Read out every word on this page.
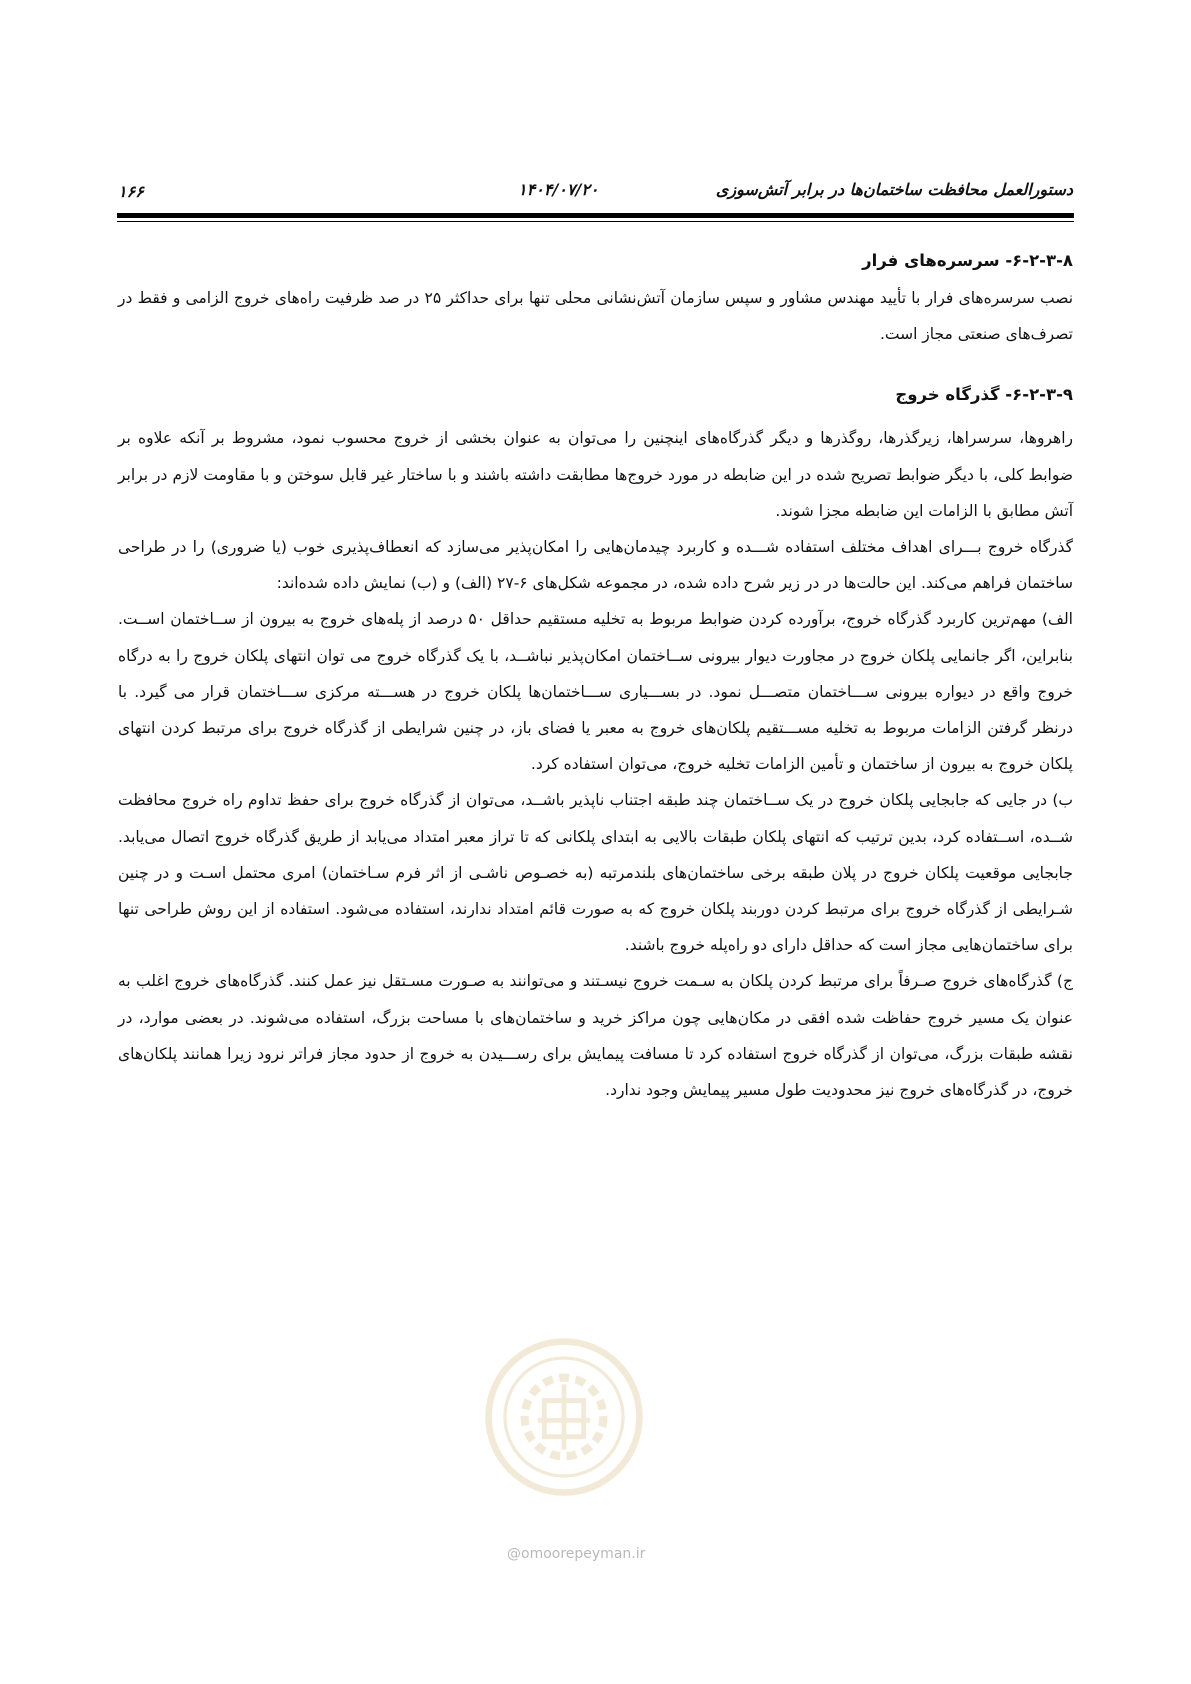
دستورالعمل محافظت ساختمان‌ها در برابر آتش‌سوزی
۱۴۰۴/۰۷/۲۰
۱۶۶

۶-۲-۳-۸- سرسره‌های فرار

نصب سرسره‌های فرار با تأیید مهندس مشاور و سپس سازمان آتش‌نشانی محلی تنها برای حداکثر ۲۵ در صد ظرفیت راه‌های خروج الزامی و فقط در تصرف‌های صنعتی مجاز است.

۶-۲-۳-۹- گذرگاه خروج

راهروها، سرسراها، زیرگذرها، روگذرها و دیگر گذرگاه‌های اینچنین را می‌توان به عنوان بخشی از خروج محسوب نمود، مشروط بر آنکه علاوه بر ضوابط کلی، با دیگر ضوابط تصریح شده در این ضابطه در مورد خروج‌ها مطابقت داشته باشند و با ساختار غیر قابل سوختن و با مقاومت لازم در برابر آتش مطابق با الزامات این ضابطه مجزا شوند.

گذرگاه خروج بـــرای اهداف مختلف استفاده شـــده و کاربرد چیدمان‌هایی را امکان‌پذیر می‌سازد که انعطاف‌پذیری خوب (یا ضروری) را در طراحی ساختمان فراهم می‌کند. این حالت‌ها در در زیر شرح داده شده، در مجموعه شکل‌های ۶-۲۷ (الف) و (ب) نمایش داده شده‌اند:

الف) مهم‌ترین کاربرد گذرگاه خروج، برآورده کردن ضوابط مربوط به تخلیه مستقیم حداقل ۵۰ درصد از پله‌های خروج به بیرون از ســاختمان اســت. بنابراین، اگر جانمایی پلکان خروج در مجاورت دیوار بیرونی ســاختمان امکان‌پذیر نباشــد، با یک گذرگاه خروج می توان انتهای پلکان خروج را به درگاه خروج واقع در دیواره بیرونی ســـاختمان متصـــل نمود. در بســـیاری ســـاختمان‌ها پلکان خروج در هســـته مرکزی ســـاختمان قرار می گیرد. با درنظر گرفتن الزامات مربوط به تخلیه مســـتقیم پلکان‌های خروج به معبر یا فضای باز، در چنین شرایطی از گذرگاه خروج برای مرتبط کردن انتهای پلکان خروج به بیرون از ساختمان و تأمین الزامات تخلیه خروج، می‌توان استفاده کرد.

ب) در جایی که جابجایی پلکان خروج در یک ســاختمان چند طبقه اجتناب ناپذیر باشــد، می‌توان از گذرگاه خروج برای حفظ تداوم راه خروج محافظت شــده، اســتفاده کرد، بدین ترتیب که انتهای پلکان طبقات بالایی به ابتدای پلکانی که تا تراز معبر امتداد می‌یابد از طریق گذرگاه خروج اتصال می‌یابد. جابجایی موقعیت پلکان خروج در پلان طبقه برخی ساختمان‌های بلندمرتبه (به خصـوص ناشـی از اثر فرم سـاختمان) امری محتمل اسـت و در چنین شـرایطی از گذرگاه خروج برای مرتبط کردن دوربند پلکان خروج که به صورت قائم امتداد ندارند، استفاده می‌شود. استفاده از این روش طراحی تنها برای ساختمان‌هایی مجاز است که حداقل دارای دو راه‌پله خروج باشند.

ج) گذرگاه‌های خروج صـرفاً برای مرتبط کردن پلکان به سـمت خروج نیسـتند و می‌توانند به صـورت مسـتقل نیز عمل کنند. گذرگاه‌های خروج اغلب به عنوان یک مسیر خروج حفاظت شده افقی در مکان‌هایی چون مراکز خرید و ساختمان‌های با مساحت بزرگ، استفاده می‌شوند. در بعضی موارد، در نقشه طبقات بزرگ، می‌توان از گذرگاه خروج استفاده کرد تا مسافت پیمایش برای رســـیدن به خروج از حدود مجاز فراتر نرود زیرا همانند پلکان‌های خروج، در گذرگاه‌های خروج نیز محدودیت طول مسیر پیمایش وجود ندارد.

@omoorepeyman.ir
